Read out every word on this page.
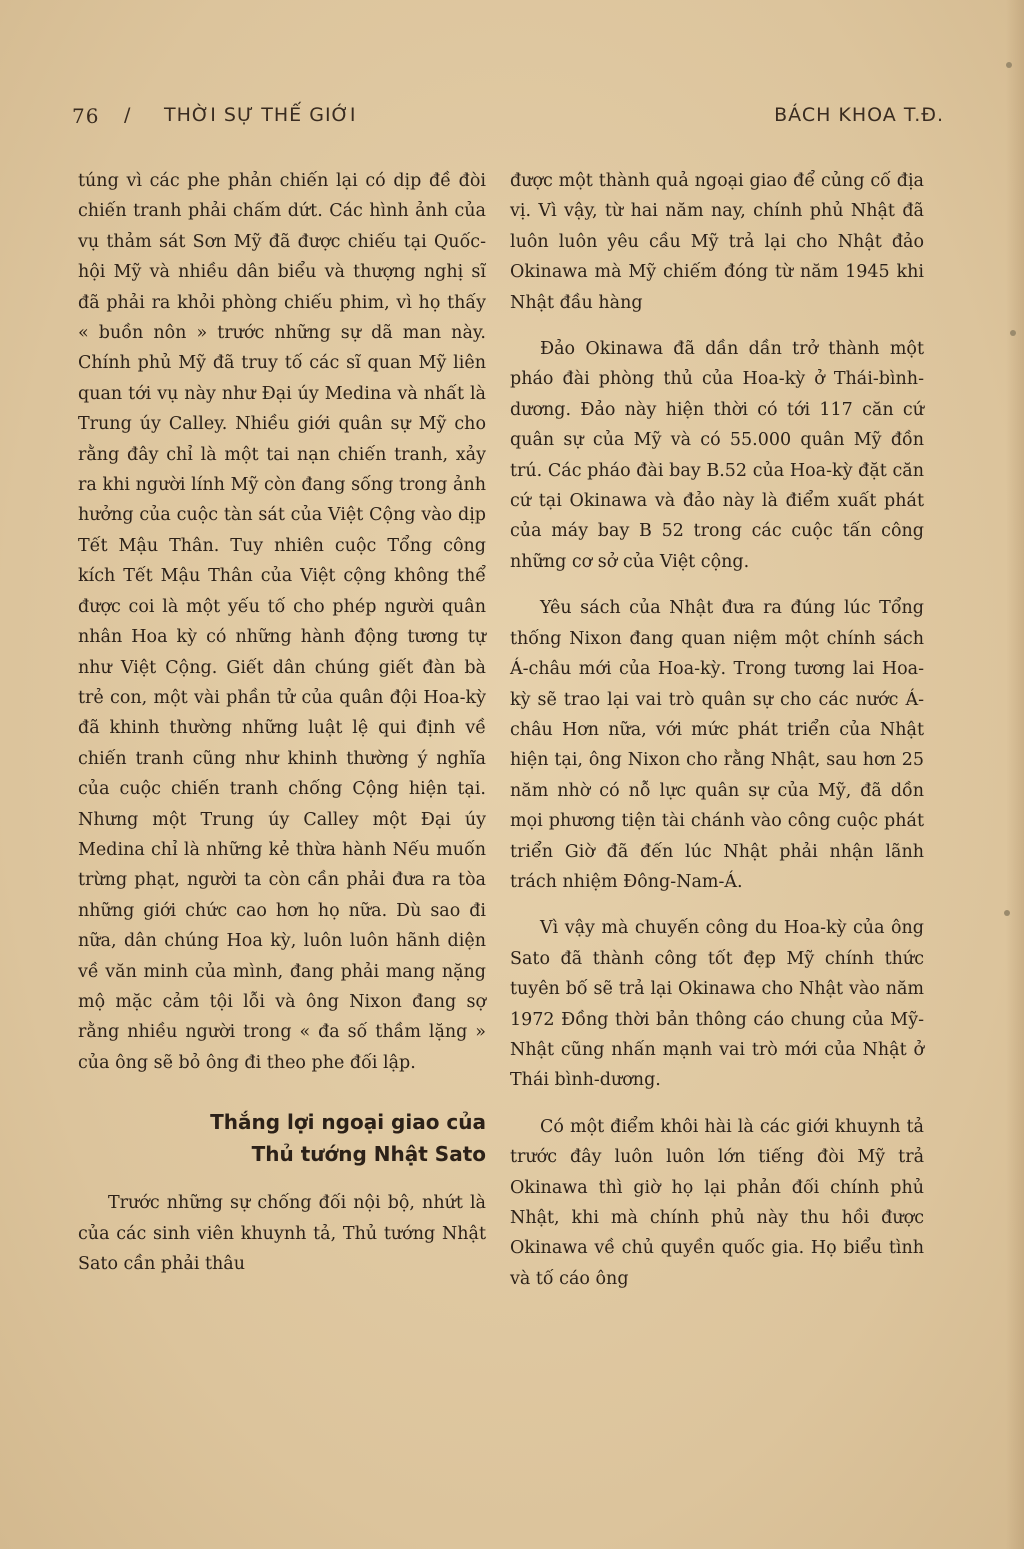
76 / THỜI SỰ THẾ GIỚI	BÁCH KHOA T.Đ.

túng vì các phe phản chiến lại có dịp đề đòi chiến tranh phải chấm dứt. Các hình ảnh của vụ thảm sát Sơn Mỹ đã được chiếu tại Quốc-hội Mỹ và nhiều dân biểu và thượng nghị sĩ đã phải ra khỏi phòng chiếu phim, vì họ thấy « buồn nôn » trước những sự dã man này. Chính phủ Mỹ đã truy tố các sĩ quan Mỹ liên quan tới vụ này như Đại úy Medina và nhất là Trung úy Calley. Nhiều giới quân sự Mỹ cho rằng đây chỉ là một tai nạn chiến tranh, xảy ra khi người lính Mỹ còn đang sống trong ảnh hưởng của cuộc tàn sát của Việt Cộng vào dịp Tết Mậu Thân. Tuy nhiên cuộc Tổng công kích Tết Mậu Thân của Việt cộng không thể được coi là một yếu tố cho phép người quân nhân Hoa kỳ có những hành động tương tự như Việt Cộng. Giết dân chúng giết đàn bà trẻ con, một vài phần tử của quân đội Hoa-kỳ đã khinh thường những luật lệ qui định về chiến tranh cũng như khinh thường ý nghĩa của cuộc chiến tranh chống Cộng hiện tại. Nhưng một Trung úy Calley một Đại úy Medina chỉ là những kẻ thừa hành Nếu muốn trừng phạt, người ta còn cần phải đưa ra tòa những giới chức cao hơn họ nữa. Dù sao đi nữa, dân chúng Hoa kỳ, luôn luôn hãnh diện về văn minh của mình, đang phải mang nặng mộ mặc cảm tội lỗi và ông Nixon đang sợ rằng nhiều người trong « đa số thầm lặng » của ông sẽ bỏ ông đi theo phe đối lập.

Thắng lợi ngoại giao của
Thủ tướng Nhật Sato

Trước những sự chống đối nội bộ, nhứt là của các sinh viên khuynh tả, Thủ tướng Nhật Sato cần phải thâu

được một thành quả ngoại giao để củng cố địa vị. Vì vậy, từ hai năm nay, chính phủ Nhật đã luôn luôn yêu cầu Mỹ trả lại cho Nhật đảo Okinawa mà Mỹ chiếm đóng từ năm 1945 khi Nhật đầu hàng

Đảo Okinawa đã dần dần trở thành một pháo đài phòng thủ của Hoa-kỳ ở Thái-bình-dương. Đảo này hiện thời có tới 117 căn cứ quân sự của Mỹ và có 55.000 quân Mỹ đồn trú. Các pháo đài bay B.52 của Hoa-kỳ đặt căn cứ tại Okinawa và đảo này là điểm xuất phát của máy bay B 52 trong các cuộc tấn công những cơ sở của Việt cộng.

Yêu sách của Nhật đưa ra đúng lúc Tổng thống Nixon đang quan niệm một chính sách Á-châu mới của Hoa-kỳ. Trong tương lai Hoa-kỳ sẽ trao lại vai trò quân sự cho các nước Á-châu Hơn nữa, với mức phát triển của Nhật hiện tại, ông Nixon cho rằng Nhật, sau hơn 25 năm nhờ có nỗ lực quân sự của Mỹ, đã dồn mọi phương tiện tài chánh vào công cuộc phát triển Giờ đã đến lúc Nhật phải nhận lãnh trách nhiệm Đông-Nam-Á.

Vì vậy mà chuyến công du Hoa-kỳ của ông Sato đã thành công tốt đẹp Mỹ chính thức tuyên bố sẽ trả lại Okinawa cho Nhật vào năm 1972 Đồng thời bản thông cáo chung của Mỹ-Nhật cũng nhấn mạnh vai trò mới của Nhật ở Thái bình-dương.

Có một điểm khôi hài là các giới khuynh tả trước đây luôn luôn lớn tiếng đòi Mỹ trả Okinawa thì giờ họ lại phản đối chính phủ Nhật, khi mà chính phủ này thu hồi được Okinawa về chủ quyền quốc gia. Họ biểu tình và tố cáo ông
